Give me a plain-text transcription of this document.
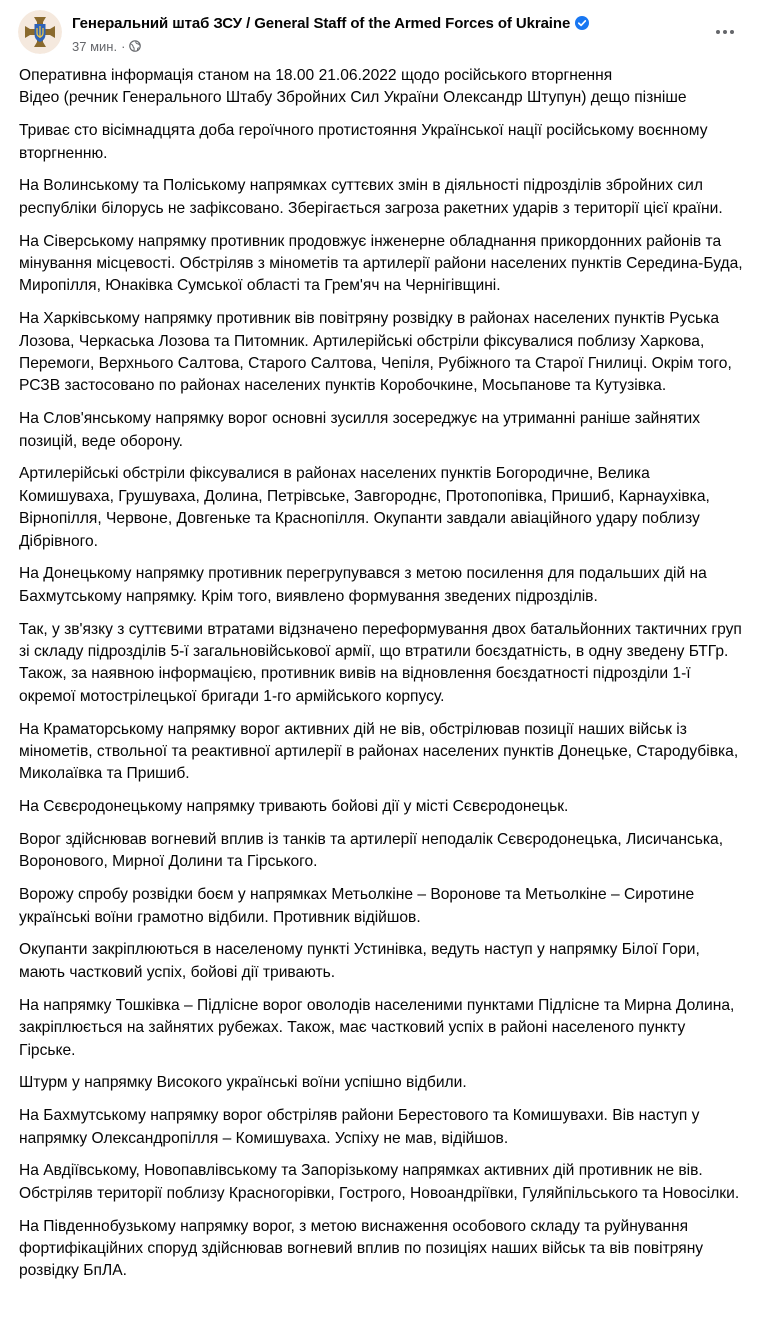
Генеральний штаб ЗСУ / General Staff of the Armed Forces of Ukraine
37 мин. ·

Оперативна інформація станом на 18.00 21.06.2022 щодо російського вторгнення
Відео (речник Генерального Штабу Збройних Сил України Олександр Штупун) дещо пізніше

Триває сто вісімнадцята доба героїчного протистояння Української нації російському воєнному вторгненню.

На Волинському та Поліському напрямках суттєвих змін в діяльності підрозділів збройних сил республіки білорусь не зафіксовано. Зберігається загроза ракетних ударів з території цієї країни.

На Сіверському напрямку противник продовжує інженерне обладнання прикордонних районів та мінування місцевості. Обстріляв з мінометів та артилерії райони населених пунктів Середина-Буда, Миропілля, Юнаківка Сумської області та Грем'яч на Чернігівщині.

На Харківському напрямку противник вів повітряну розвідку в районах населених пунктів Руська Лозова, Черкаська Лозова та Питомник. Артилерійські обстріли фіксувалися поблизу Харкова, Перемоги, Верхнього Салтова, Старого Салтова, Чепіля, Рубіжного та Старої Гнилиці. Окрім того, РСЗВ застосовано по районах населених пунктів Коробочкине, Мосьпанове та Кутузівка.

На Слов'янському напрямку ворог основні зусилля зосереджує на утриманні раніше зайнятих позицій, веде оборону.

Артилерійські обстріли фіксувалися в районах населених пунктів Богородичне, Велика Комишуваха, Грушуваха, Долина, Петрівське, Завгороднє, Протопопівка, Пришиб, Карнаухівка, Вірнопілля, Червоне, Довгеньке та Краснопілля. Окупанти завдали авіаційного удару поблизу Дібрівного.

На Донецькому напрямку противник перегрупувався з метою посилення для подальших дій на Бахмутському напрямку. Крім того, виявлено формування зведених підрозділів.

Так, у зв'язку з суттєвими втратами відзначено переформування двох батальйонних тактичних груп зі складу підрозділів 5-ї загальновійськової армії, що втратили боєздатність, в одну зведену БТГр. Також, за наявною інформацією, противник вивів на відновлення боєздатності підрозділи 1-ї окремої мотострілецької бригади 1-го армійського корпусу.

На Краматорському напрямку ворог активних дій не вів, обстрілював позиції наших військ із мінометів, ствольної та реактивної артилерії в районах населених пунктів Донецьке, Стародубівка, Миколаївка та Пришиб.

На Сєвєродонецькому напрямку тривають бойові дії у місті Сєвєродонецьк.

Ворог здійснював вогневий вплив із танків та артилерії неподалік Сєвєродонецька, Лисичанська, Воронового, Мирної Долини та Гірського.

Ворожу спробу розвідки боєм у напрямках Метьолкіне – Воронове та Метьолкіне – Сиротине українські воїни грамотно відбили. Противник відійшов.

Окупанти закріплюються в населеному пункті Устинівка, ведуть наступ у напрямку Білої Гори, мають частковий успіх, бойові дії тривають.

На напрямку Тошківка – Підлісне ворог оволодів населеними пунктами Підлісне та Мирна Долина, закріплюється на зайнятих рубежах. Також, має частковий успіх в районі населеного пункту Гірське.

Штурм у напрямку Високого українські воїни успішно відбили.

На Бахмутському напрямку ворог обстріляв райони Берестового та Комишувахи. Вів наступ у напрямку Олександропілля – Комишуваха. Успіху не мав, відійшов.

На Авдіївському, Новопавлівському та Запорізькому напрямках активних дій противник не вів. Обстріляв території поблизу Красногорівки, Гострого, Новоандріївки, Гуляйпільського та Новосілки.

На Південнобузькому напрямку ворог, з метою виснаження особового складу та руйнування фортифікаційних споруд здійснював вогневий вплив по позиціях наших військ та вів повітряну розвідку БпЛА.
